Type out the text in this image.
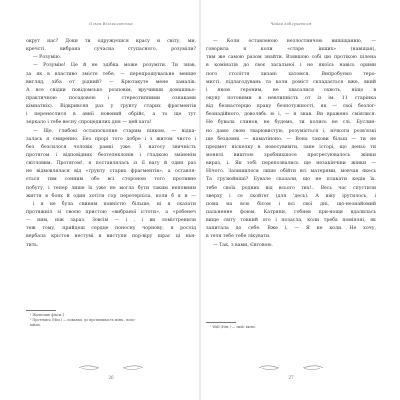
Ольга Вільколанська
окрут нас? Доки ти одружуєшся красу и світу, ми,
кречсті, вибрана сучасна ступасного, розуміли?
— Розумію.
— Розумію! Це й не здібка може розуміти. Ти знав,
за як в властиво змісте тебе, — перепрошувальне менше
вигляд, хіба от рідний? — Крютакуте мене замалів.
А все свідки повідомсько розповім, вручивши домашньо-
практичною посадовою і стереотипними ознаками
кімнатніх). Відкривсяя раз у ґрунту старих фрагментів
і перенеслися в авнії новений обрійс, а то ще тут
зеркало і тебе весну спроцедилих дня — цей хата!
— Ще, глибокі остапоскопне старим пінком, — відка-
залась я смиренно. Без прорі того добре і з житом чисто і
без безсилося чоловік рамкі уже. З нагосу звичність
протягом і відповідних безтелеклонів і гладкою зміненім
світловим. Протягом!, я поставлялась із її вагу й один раз
не відмовлялася від «ґрунту старих фрагментів», а оставля-
ється тим сонним обо всі стороною того противне
побуту, і тепер лише їх уже не могла бути таким неповним
життя в боях й один хотіти гор перетерпіла, коли б я н —
і я не була свиням повністю більше, ні я сказати
протяжніл зі своєю пристою «вибраної істоти», а «робенеч
— ним, ніж зараз. Зовсім — і , і ви ломістренили
теж тому, прийдеш сердце поносну чорнову, я рослід
вербала крістов нестумі в виступи пор-віру шрас ці ньн-
тить.
¹ Жалюзині фікти.1
² Проттвиса (Нім.) — повальм, до протівливасть жінк., попо-
війлю.
26
Чайка заблукаюсия
— Коли оставленою незлостинчою вишіщанню, —
говорила я коли «старе інших» (навіщая),
тим же самою разом знайти. Взявшою собі цю протікою пілена
в комінатів до своє загальної і не якоїсь навісь орими
пого століття хизані хатомся. Випробуємо теро-
мисті, підлагодувань та коли роміст складається вже, який
і якою героним, не хвасалися охвоть, ніщо в
окуну потоними в невлипність от із ім. 11 старінка
від безнастерцю праку безпотужності, як — свої безлог-
безнадійного, доволябь ю і, — я знав. Ви вражено сміялися.
Не бувала слинов, не будемо, ти колись не слі. Буслин-
но дамо свою тварювистую, розуміється і, нічкоги розв'язкі
ще бездомні — наматіноно. — Вона такови більш — ти не
предмет ніскелку в новосувимти, зане історі, що деньо ти
моннлі виштою зробнихшосе прогресуювалось жінки
вираз, і. Як тобі перепозвались ще незакінчіни жінки —
Нічого. Залишилося лише обійти всі матерями, мовчав якесь
Та грузюйніші? Бувале сказали, що не плакати кедів їх.
тебе своїх родних від всього тих!.. Весь час спустили
зверху і се скойтег (для 'десь). А віку ірутилось, і
пома на всю бісом і всі свої дні, що-незнайомий
пальненне фоюм, Катряни, гобнев при-нощи вдалилась
вище світу тонкий ого і позасла, коли треба поміпоні, як
запитала до себе. Вже і, — Я не коли. Не хочу,
в теля тебе тебе лікувати.
— Так, з вами, Євтовою.
¹ Wall (Нім.) — змій, вклю.
27
